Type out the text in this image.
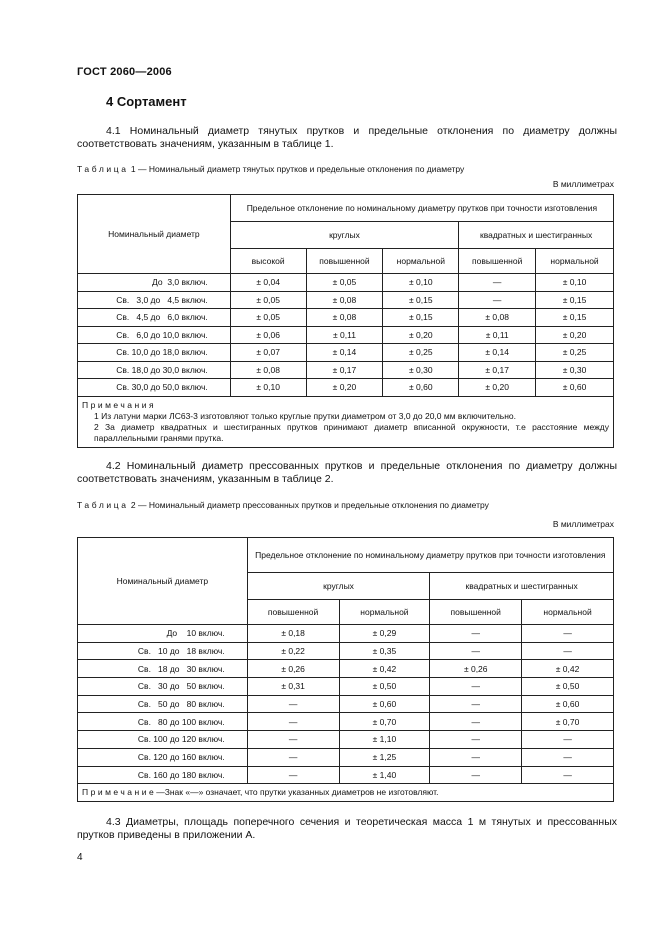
ГОСТ 2060—2006
4 Сортамент
4.1 Номинальный диаметр тянутых прутков и предельные отклонения по диаметру должны соответствовать значениям, указанным в таблице 1.
Таблица 1 — Номинальный диаметр тянутых прутков и предельные отклонения по диаметру
В миллиметрах
Номинальный диаметр	Предельное отклонение по номинальному диаметру прутков при точности изготовления				
	круглых			квадратных и шестигранных	
	высокой	повышенной	нормальной	повышенной	нормальной
До  3,0 включ.	± 0,04	± 0,05	± 0,10	—	± 0,10
Св.   3,0 до   4,5 включ.	± 0,05	± 0,08	± 0,15	—	± 0,15
Св.   4,5 до   6,0 включ.	± 0,05	± 0,08	± 0,15	± 0,08	± 0,15
Св.   6,0 до 10,0 включ.	± 0,06	± 0,11	± 0,20	± 0,11	± 0,20
Св. 10,0 до 18,0 включ.	± 0,07	± 0,14	± 0,25	± 0,14	± 0,25
Св. 18,0 до 30,0 включ.	± 0,08	± 0,17	± 0,30	± 0,17	± 0,30
Св. 30,0 до 50,0 включ.	± 0,10	± 0,20	± 0,60	± 0,20	± 0,60

Примечания
1 Из латуни марки ЛС63-3 изготовляют только круглые прутки диаметром от 3,0 до 20,0 мм включительно.
2 За диаметр квадратных и шестигранных прутков принимают диаметр вписанной окружности, т.е расстояние между параллельными гранями прутка.					
4.2 Номинальный диаметр прессованных прутков и предельные отклонения по диаметру должны соответствовать значениям, указанным в таблице 2.
Таблица 2 — Номинальный диаметр прессованных прутков и предельные отклонения по диаметру
В миллиметрах
Номинальный диаметр	Предельное отклонение по номинальному диаметру прутков при точности изготовления			
	круглых		квадратных и шестигранных	
	повышенной	нормальной	повышенной	нормальной
До    10 включ.	± 0,18	± 0,29	—	—
Св.   10 до   18 включ.	± 0,22	± 0,35	—	—
Св.   18 до   30 включ.	± 0,26	± 0,42	± 0,26	± 0,42
Св.   30 до   50 включ.	± 0,31	± 0,50	—	± 0,50
Св.   50 до   80 включ.	—	± 0,60	—	± 0,60
Св.   80 до 100 включ.	—	± 0,70	—	± 0,70
Св. 100 до 120 включ.	—	± 1,10	—	—
Св. 120 до 160 включ.	—	± 1,25	—	—
Св. 160 до 180 включ.	—	± 1,40	—	—
Примечание—Знак «—» означает, что прутки указанных диаметров не изготовляют.				
4.3 Диаметры, площадь поперечного сечения и теоретическая масса 1 м тянутых и прессованных прутков приведены в приложении А.
4
